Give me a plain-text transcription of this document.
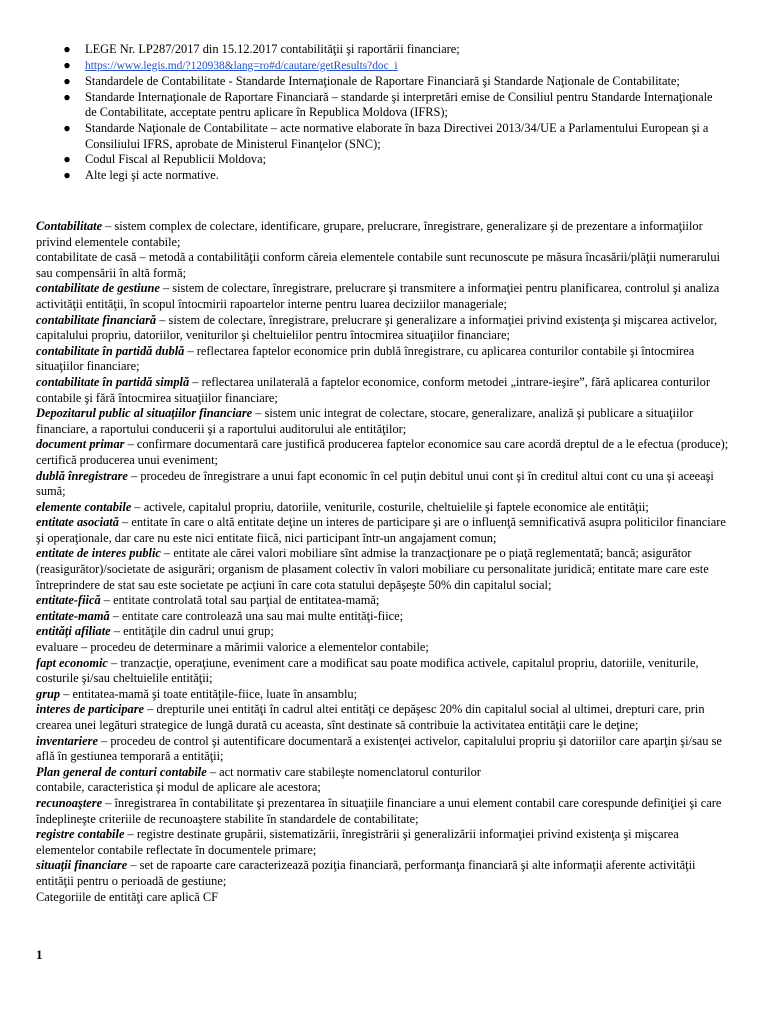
● LEGE Nr. LP287/2017 din 15.12.2017 contabilităţii şi raportării financiare;
● https://www.legis.md/?120938&lang=ro#d/cautare/getResults?doc_i
● Standardele de Contabilitate - Standarde Internaţionale de Raportare Financiară şi Standarde Naţionale de Contabilitate;
● Standarde Internaţionale de Raportare Financiară – standarde şi interpretări emise de Consiliul pentru Standarde Internaţionale de Contabilitate, acceptate pentru aplicare în Republica Moldova (IFRS);
● Standarde Naţionale de Contabilitate – acte normative elaborate în baza Directivei 2013/34/UE a Parlamentului European şi a Consiliului IFRS, aprobate de Ministerul Finanţelor (SNC);
● Codul Fiscal al Republicii Moldova;
● Alte legi şi acte normative.

Contabilitate – sistem complex de colectare, identificare, grupare, prelucrare, înregistrare, generalizare şi de prezentare a informaţiilor privind elementele contabile;

contabilitate de casă – metodă a contabilităţii conform căreia elementele contabile sunt recunoscute pe măsura încasării/plăţii numerarului sau compensării în altă formă;

contabilitate de gestiune – sistem de colectare, înregistrare, prelucrare şi transmitere a informaţiei pentru planificarea, controlul şi analiza activităţii entităţii, în scopul întocmirii rapoartelor interne pentru luarea deciziilor manageriale;

contabilitate financiară – sistem de colectare, înregistrare, prelucrare şi generalizare a informaţiei privind existenţa şi mişcarea activelor, capitalului propriu, datoriilor, veniturilor şi cheltuielilor pentru întocmirea situaţiilor financiare;

contabilitate în partidă dublă – reflectarea faptelor economice prin dublă înregistrare, cu aplicarea conturilor contabile şi întocmirea situaţiilor financiare;

contabilitate în partidă simplă – reflectarea unilaterală a faptelor economice, conform metodei „intrare-ieşire”, fără aplicarea conturilor contabile şi fără întocmirea situaţiilor financiare;

Depozitarul public al situaţiilor financiare – sistem unic integrat de colectare, stocare, generalizare, analiză şi publicare a situaţiilor financiare, a raportului conducerii şi a raportului auditorului ale entităţilor;

document primar – confirmare documentară care justifică producerea faptelor economice sau care acordă dreptul de a le efectua (produce); certifică producerea unui eveniment;

dublă înregistrare – procedeu de înregistrare a unui fapt economic în cel puţin debitul unui cont şi în creditul altui cont cu una şi aceeaşi sumă;

elemente contabile – activele, capitalul propriu, datoriile, veniturile, costurile, cheltuielile şi faptele economice ale entităţii;

entitate asociată – entitate în care o altă entitate deţine un interes de participare şi are o influenţă semnificativă asupra politicilor financiare şi operaţionale, dar care nu este nici entitate fiică, nici participant într-un angajament comun;

entitate de interes public – entitate ale cărei valori mobiliare sînt admise la tranzacţionare pe o piaţă reglementată; bancă; asigurător (reasigurător)/societate de asigurări; organism de plasament colectiv în valori mobiliare cu personalitate juridică; entitate mare care este întreprindere de stat sau este societate pe acţiuni în care cota statului depăşeşte 50% din capitalul social;

entitate-fiică – entitate controlată total sau parţial de entitatea-mamă;

entitate-mamă – entitate care controlează una sau mai multe entităţi-fiice;

entităţi afiliate – entităţile din cadrul unui grup;

evaluare – procedeu de determinare a mărimii valorice a elementelor contabile;

fapt economic – tranzacţie, operaţiune, eveniment care a modificat sau poate modifica activele, capitalul propriu, datoriile, veniturile, costurile şi/sau cheltuielile entităţii;

grup – entitatea-mamă şi toate entităţile-fiice, luate în ansamblu;

interes de participare – drepturile unei entităţi în cadrul altei entităţi ce depăşesc 20% din capitalul social al ultimei, drepturi care, prin crearea unei legături strategice de lungă durată cu aceasta, sînt destinate să contribuie la activitatea entităţii care le deţine;

inventariere – procedeu de control şi autentificare documentară a existenţei activelor, capitalului propriu şi datoriilor care aparţin şi/sau se află în gestiunea temporară a entităţii;

Plan general de conturi contabile – act normativ care stabileşte nomenclatorul conturilor

contabile, caracteristica şi modul de aplicare ale acestora;

recunoaştere – înregistrarea în contabilitate şi prezentarea în situaţiile financiare a unui element contabil care corespunde definiţiei şi care îndeplineşte criteriile de recunoaştere stabilite în standardele de contabilitate;

registre contabile – registre destinate grupării, sistematizării, înregistrării şi generalizării informaţiei privind existenţa şi mişcarea elementelor contabile reflectate în documentele primare;

situaţii financiare – set de rapoarte care caracterizează poziţia financiară, performanţa financiară şi alte informaţii aferente activităţii entităţii pentru o perioadă de gestiune;

Categoriile de entităţi care aplică CF

1
